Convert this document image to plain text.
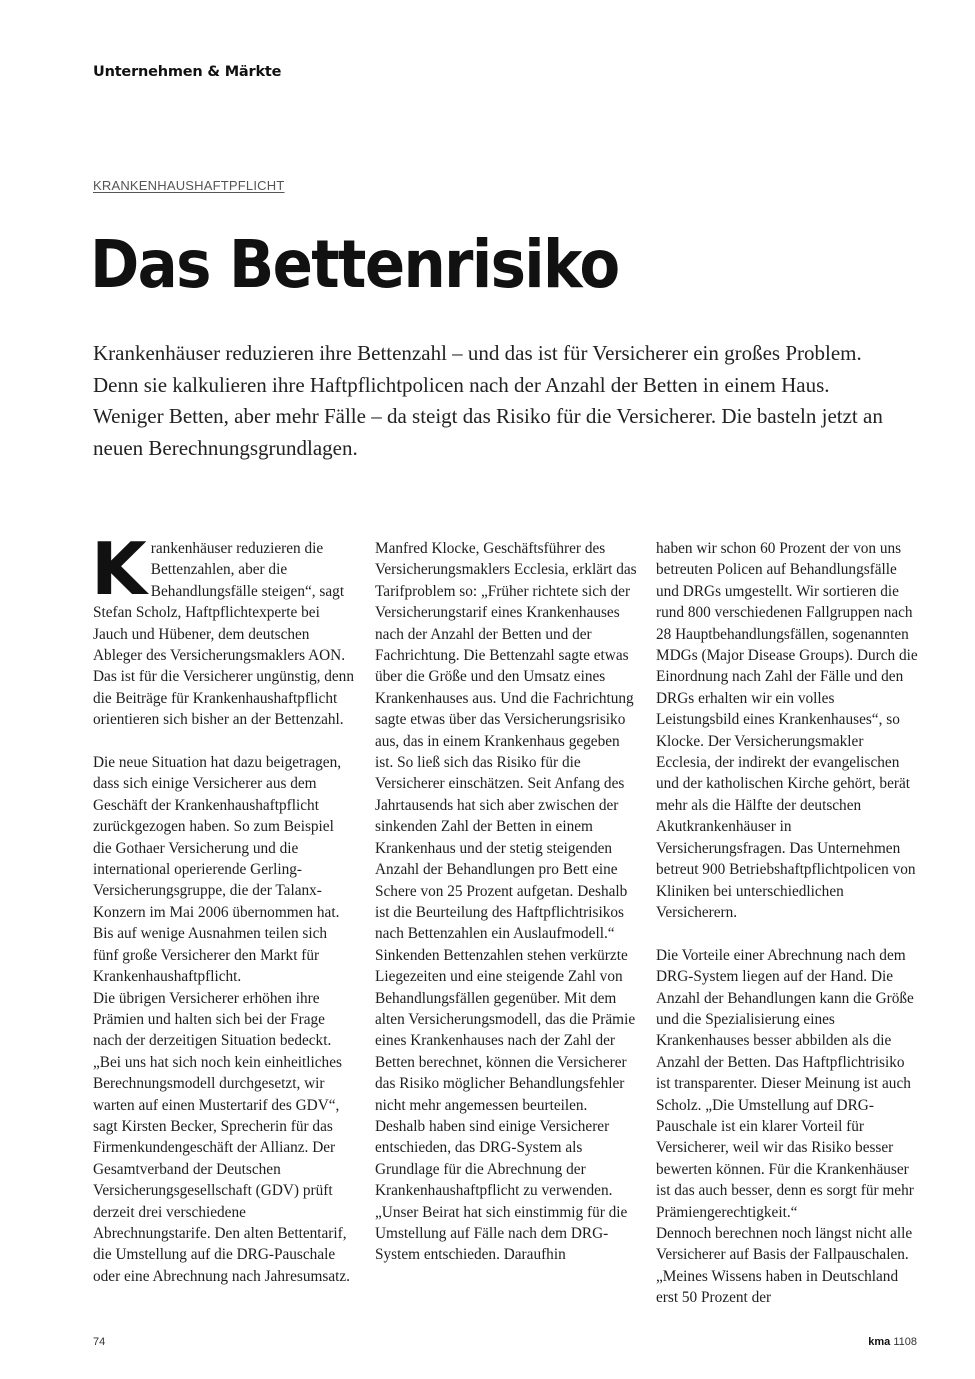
Unternehmen & Märkte
KRANKENHAUSHAFTPFLICHT
Das Bettenrisiko

Krankenhäuser reduzieren ihre Bettenzahl – und das ist für Versicherer ein großes Problem. Denn sie kalkulieren ihre Haftpflichtpolicen nach der Anzahl der Betten in einem Haus. Weniger Betten, aber mehr Fälle – da steigt das Risiko für die Versicherer. Die basteln jetzt an neuen Berechnungsgrundlagen.

Krankenhäuser reduzieren die Bettenzahlen, aber die Behandlungsfälle steigen“, sagt Stefan Scholz, Haftpflichtexperte bei Jauch und Hübener, dem deutschen Ableger des Versicherungsmaklers AON. Das ist für die Versicherer ungünstig, denn die Beiträge für Krankenhaushaftpflicht orientieren sich bisher an der Bettenzahl.

Die neue Situation hat dazu beigetragen, dass sich einige Versicherer aus dem Geschäft der Krankenhaushaftpflicht zurückgezogen haben. So zum Beispiel die Gothaer Versicherung und die international operierende Gerling-Versicherungsgruppe, die der Talanx-Konzern im Mai 2006 übernommen hat. Bis auf wenige Ausnahmen teilen sich fünf große Versicherer den Markt für Krankenhaushaftpflicht.

Die übrigen Versicherer erhöhen ihre Prämien und halten sich bei der Frage nach der derzeitigen Situation bedeckt. „Bei uns hat sich noch kein einheitliches Berechnungsmodell durchgesetzt, wir warten auf einen Mustertarif des GDV“, sagt Kirsten Becker, Sprecherin für das Firmenkundengeschäft der Allianz. Der Gesamtverband der Deutschen Versicherungsgesellschaft (GDV) prüft derzeit drei verschiedene Abrechnungstarife. Den alten Bettentarif, die Umstellung auf die DRG-Pauschale oder eine Abrechnung nach Jahresumsatz.

Manfred Klocke, Geschäftsführer des Versicherungsmaklers Ecclesia, erklärt das Tarifproblem so: „Früher richtete sich der Versicherungstarif eines Krankenhauses nach der Anzahl der Betten und der Fachrichtung. Die Bettenzahl sagte etwas über die Größe und den Umsatz eines Krankenhauses aus. Und die Fachrichtung sagte etwas über das Versicherungsrisiko aus, das in einem Krankenhaus gegeben ist. So ließ sich das Risiko für die Versicherer einschätzen. Seit Anfang des Jahrtausends hat sich aber zwischen der sinkenden Zahl der Betten in einem Krankenhaus und der stetig steigenden Anzahl der Behandlungen pro Bett eine Schere von 25 Prozent aufgetan. Deshalb ist die Beurteilung des Haftpflichtrisikos nach Bettenzahlen ein Auslaufmodell.“

Sinkenden Bettenzahlen stehen verkürzte Liegezeiten und eine steigende Zahl von Behandlungsfällen gegenüber. Mit dem alten Versicherungsmodell, das die Prämie eines Krankenhauses nach der Zahl der Betten berechnet, können die Versicherer das Risiko möglicher Behandlungsfehler nicht mehr angemessen beurteilen.

Deshalb haben sind einige Versicherer entschieden, das DRG-System als Grundlage für die Abrechnung der Krankenhaushaftpflicht zu verwenden. „Unser Beirat hat sich einstimmig für die Umstellung auf Fälle nach dem DRG-System entschieden. Daraufhin

haben wir schon 60 Prozent der von uns betreuten Policen auf Behandlungsfälle und DRGs umgestellt. Wir sortieren die rund 800 verschiedenen Fallgruppen nach 28 Hauptbehandlungsfällen, sogenannten MDGs (Major Disease Groups). Durch die Einordnung nach Zahl der Fälle und den DRGs erhalten wir ein volles Leistungsbild eines Krankenhauses“, so Klocke. Der Versicherungsmakler Ecclesia, der indirekt der evangelischen und der katholischen Kirche gehört, berät mehr als die Hälfte der deutschen Akutkrankenhäuser in Versicherungsfragen. Das Unternehmen betreut 900 Betriebshaftpflichtpolicen von Kliniken bei unterschiedlichen Versicherern.

Die Vorteile einer Abrechnung nach dem DRG-System liegen auf der Hand. Die Anzahl der Behandlungen kann die Größe und die Spezialisierung eines Krankenhauses besser abbilden als die Anzahl der Betten. Das Haftpflichtrisiko ist transparenter. Dieser Meinung ist auch Scholz. „Die Umstellung auf DRG-Pauschale ist ein klarer Vorteil für Versicherer, weil wir das Risiko besser bewerten können. Für die Krankenhäuser ist das auch besser, denn es sorgt für mehr Prämiengerechtigkeit.“

Dennoch berechnen noch längst nicht alle Versicherer auf Basis der Fallpauschalen. „Meines Wissens haben in Deutschland erst 50 Prozent der

74	kma 1108
